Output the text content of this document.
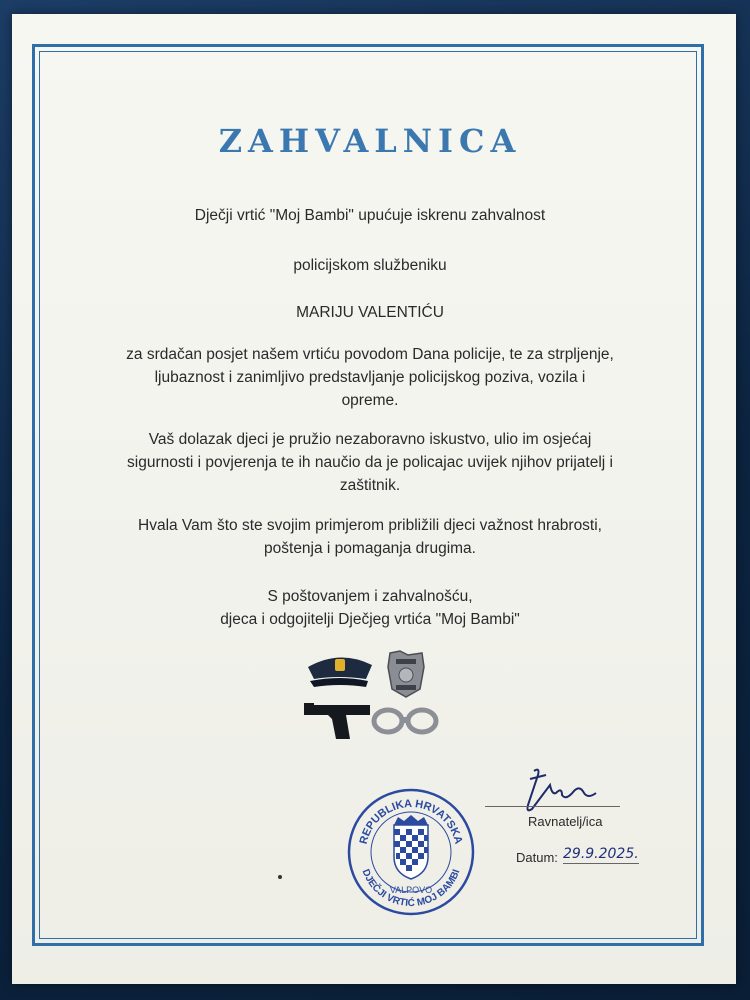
ZAHVALNICA
Dječji vrtić "Moj Bambi" upućuje iskrenu zahvalnost
policijskom službeniku
MARIJU VALENTIĆU
za srdačan posjet našem vrtiću povodom Dana policije, te za strpljenje,
ljubaznost i zanimljivo predstavljanje policijskog poziva, vozila i
opreme.
Vaš dolazak djeci je pružio nezaboravno iskustvo, ulio im osjećaj
sigurnosti i povjerenja te ih naučio da je policajac uvijek njihov prijatelj i
zaštitnik.
Hvala Vam što ste svojim primjerom približili djeci važnost hrabrosti,
poštenja i pomaganja drugima.
S poštovanjem i zahvalnošću,
djeca i odgojitelji Dječjeg vrtića "Moj Bambi"
Ravnatelj/ica
Datum: 29.9.2025.
REPUBLIKA HRVATSKA
DJEČJI VRTIĆ MOJ BAMBI
VALPOVO
